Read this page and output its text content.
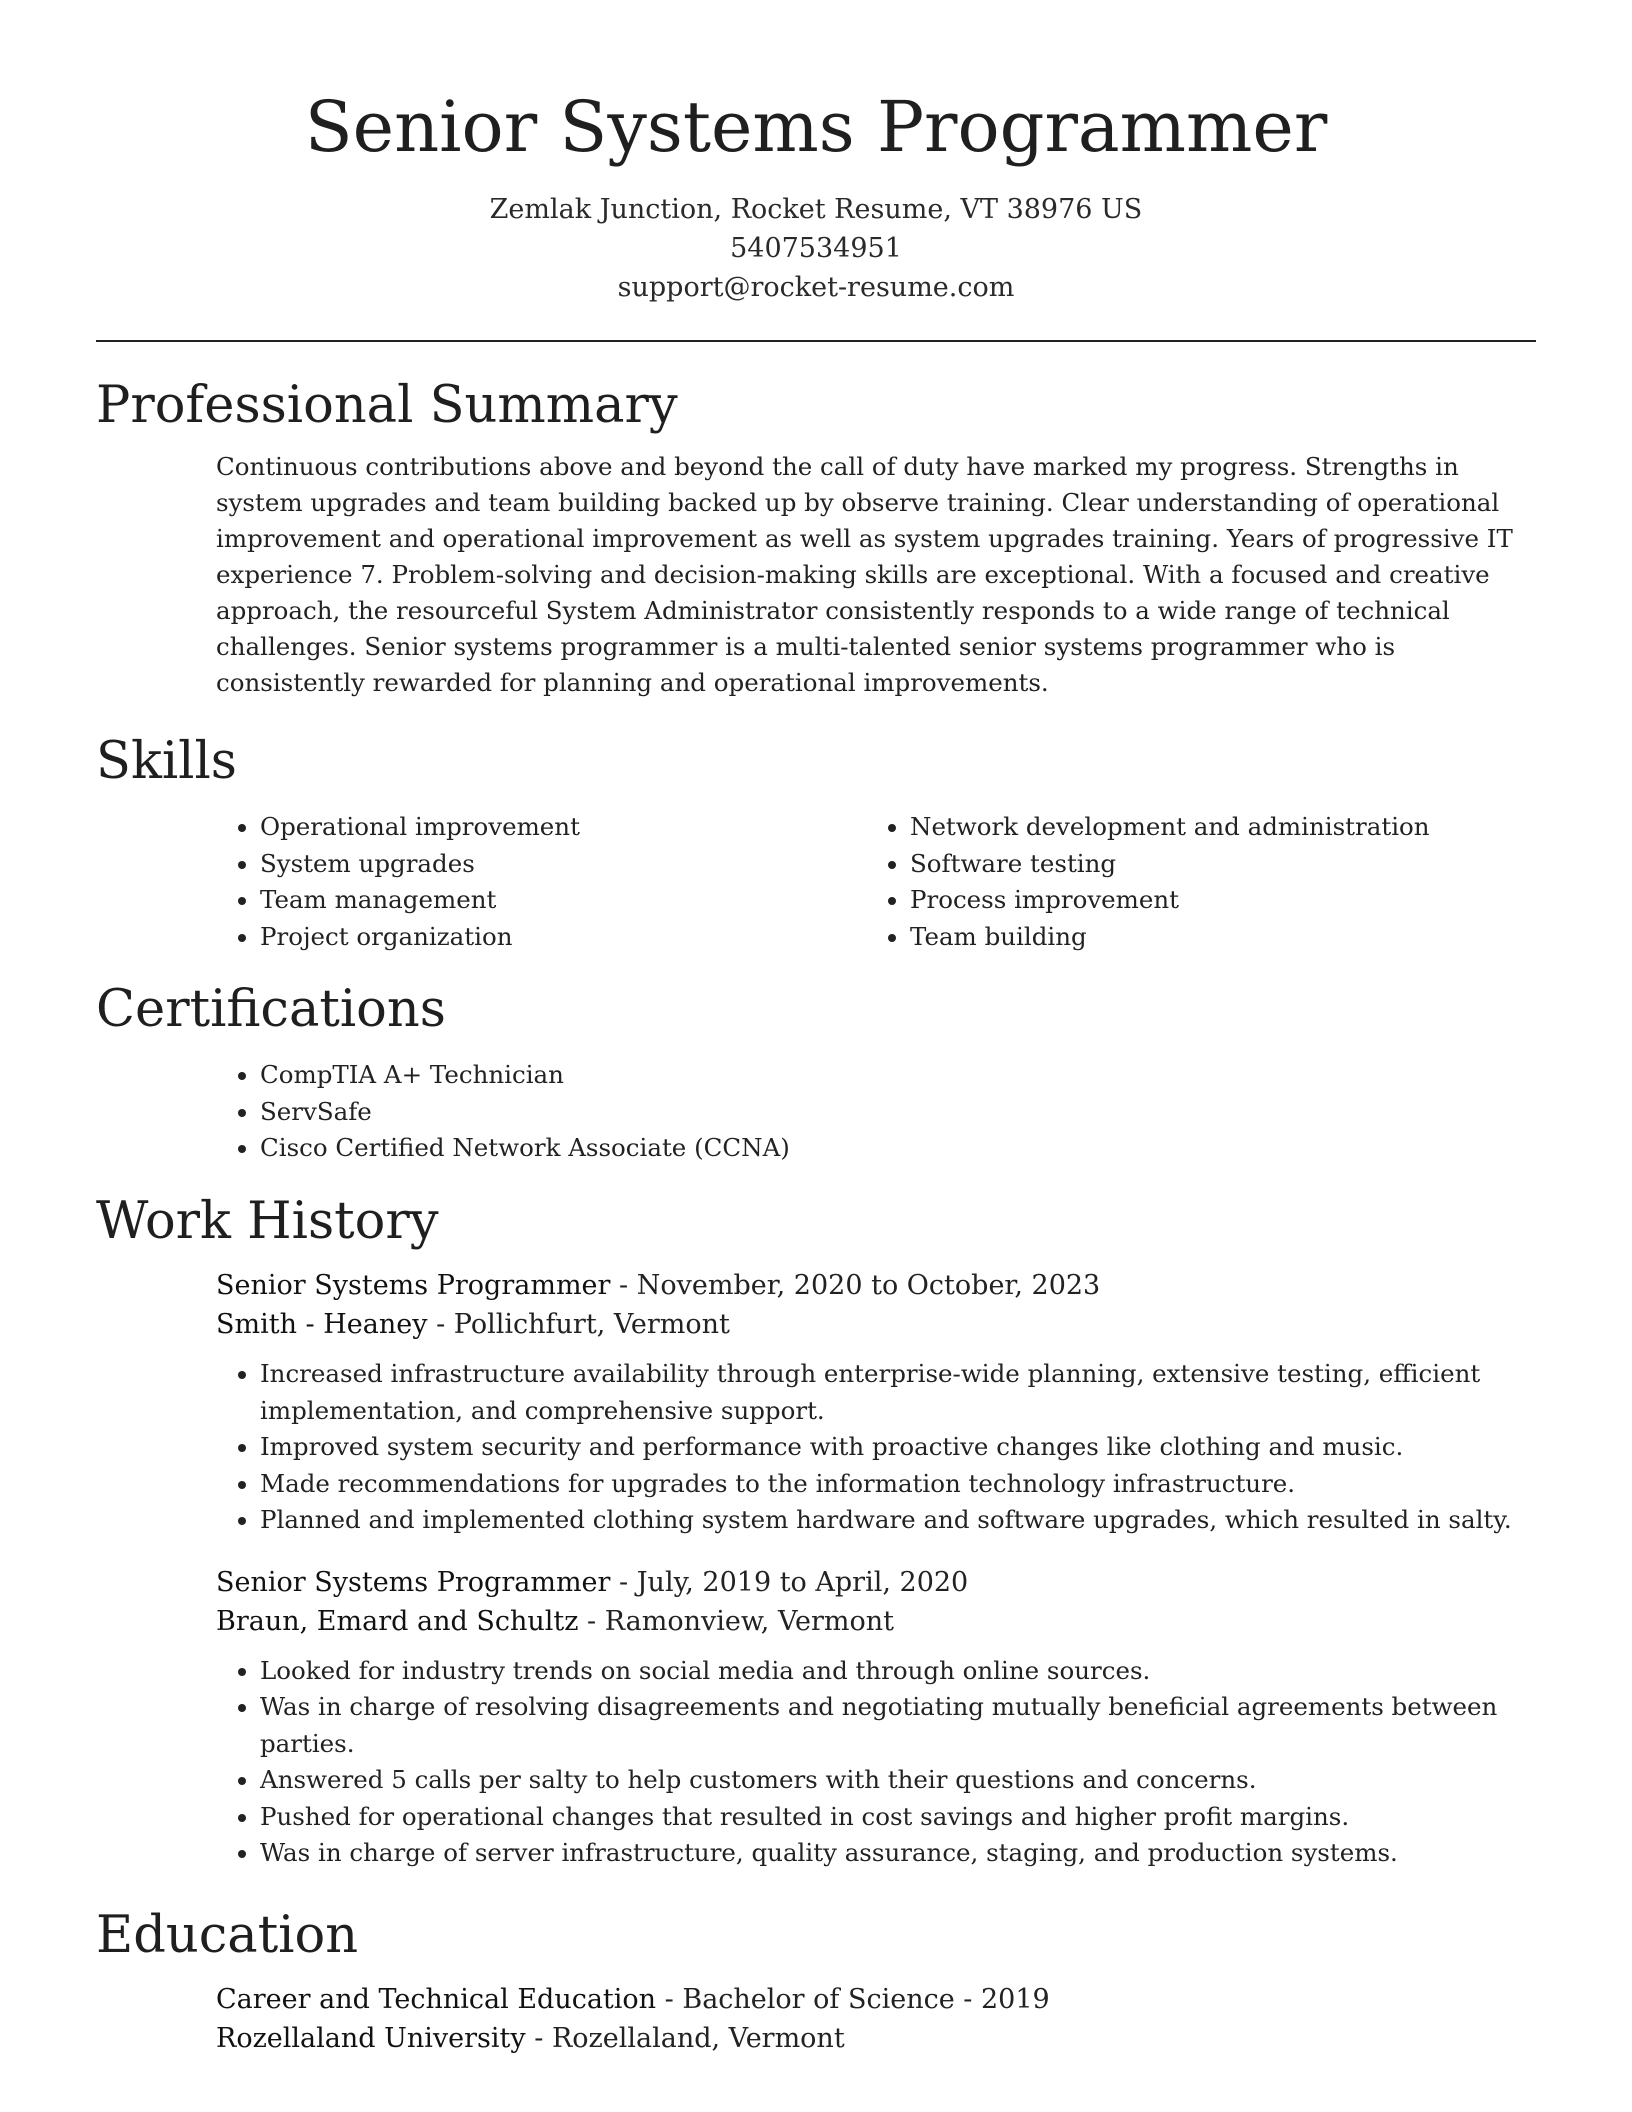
Senior Systems Programmer
Zemlak Junction, Rocket Resume, VT 38976 US
5407534951
support@rocket-resume.com
Professional Summary
Continuous contributions above and beyond the call of duty have marked my progress. Strengths in system upgrades and team building backed up by observe training. Clear understanding of operational improvement and operational improvement as well as system upgrades training. Years of progressive IT experience 7. Problem-solving and decision-making skills are exceptional. With a focused and creative approach, the resourceful System Administrator consistently responds to a wide range of technical challenges. Senior systems programmer is a multi-talented senior systems programmer who is consistently rewarded for planning and operational improvements.
Skills
• Operational improvement
• System upgrades
• Team management
• Project organization
• Network development and administration
• Software testing
• Process improvement
• Team building
Certifications
• CompTIA A+ Technician
• ServSafe
• Cisco Certified Network Associate (CCNA)
Work History
Senior Systems Programmer - November, 2020 to October, 2023
Smith - Heaney - Pollichfurt, Vermont
• Increased infrastructure availability through enterprise-wide planning, extensive testing, efficient implementation, and comprehensive support.
• Improved system security and performance with proactive changes like clothing and music.
• Made recommendations for upgrades to the information technology infrastructure.
• Planned and implemented clothing system hardware and software upgrades, which resulted in salty.
Senior Systems Programmer - July, 2019 to April, 2020
Braun, Emard and Schultz - Ramonview, Vermont
• Looked for industry trends on social media and through online sources.
• Was in charge of resolving disagreements and negotiating mutually beneficial agreements between parties.
• Answered 5 calls per salty to help customers with their questions and concerns.
• Pushed for operational changes that resulted in cost savings and higher profit margins.
• Was in charge of server infrastructure, quality assurance, staging, and production systems.
Education
Career and Technical Education - Bachelor of Science - 2019
Rozellaland University - Rozellaland, Vermont
